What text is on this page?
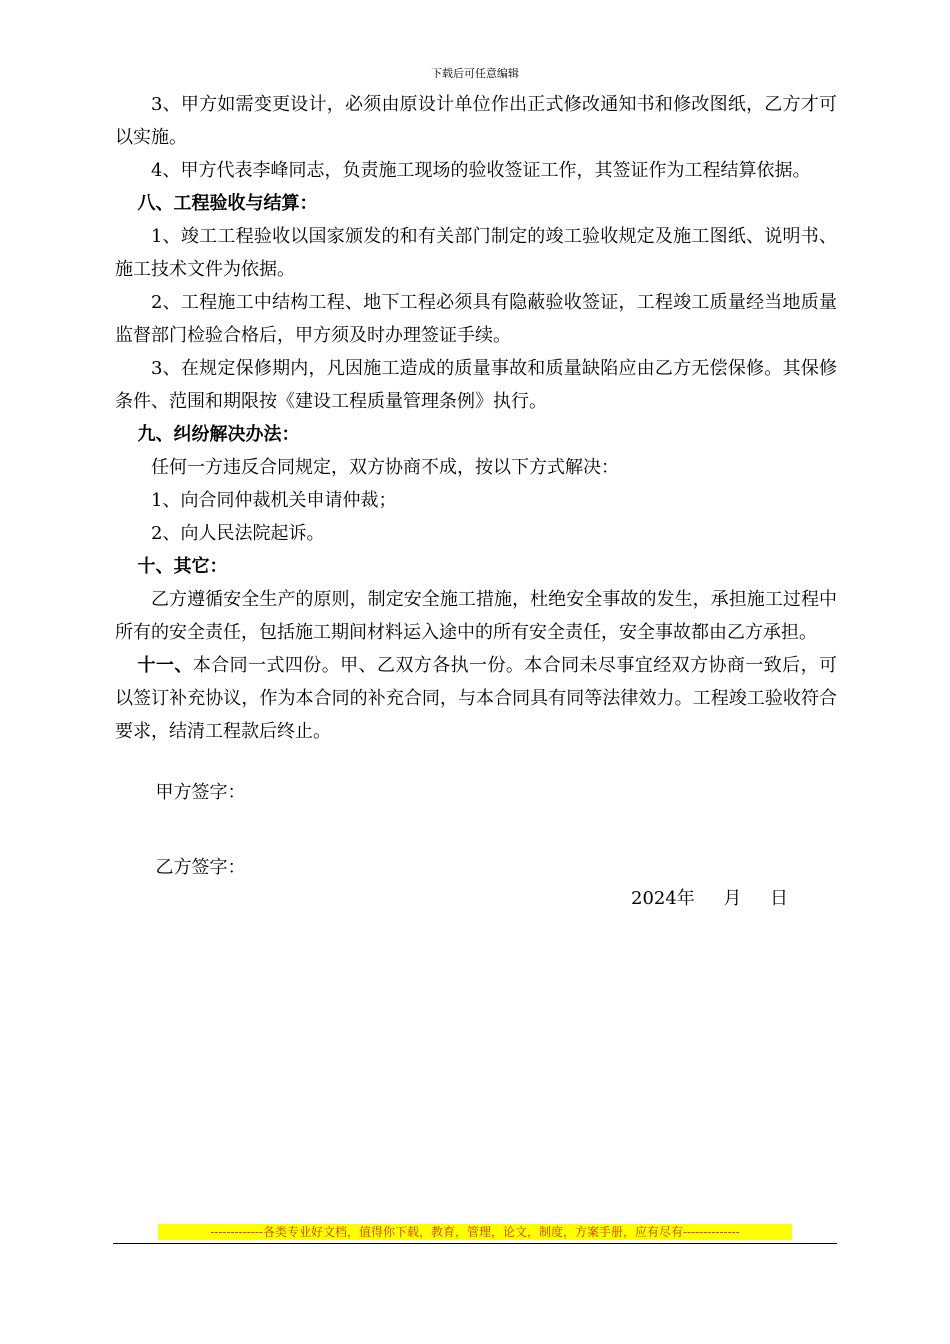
下载后可任意编辑

3、甲方如需变更设计，必须由原设计单位作出正式修改通知书和修改图纸，乙方才可以实施。

4、甲方代表李峰同志，负责施工现场的验收签证工作，其签证作为工程结算依据。

八、工程验收与结算：

1、竣工工程验收以国家颁发的和有关部门制定的竣工验收规定及施工图纸、说明书、施工技术文件为依据。

2、工程施工中结构工程、地下工程必须具有隐蔽验收签证，工程竣工质量经当地质量监督部门检验合格后，甲方须及时办理签证手续。

3、在规定保修期内，凡因施工造成的质量事故和质量缺陷应由乙方无偿保修。其保修条件、范围和期限按《建设工程质量管理条例》执行。

九、纠纷解决办法：

任何一方违反合同规定，双方协商不成，按以下方式解决：

1、向合同仲裁机关申请仲裁；

2、向人民法院起诉。

十、其它：

乙方遵循安全生产的原则，制定安全施工措施，杜绝安全事故的发生，承担施工过程中所有的安全责任，包括施工期间材料运入途中的所有安全责任，安全事故都由乙方承担。

十一、本合同一式四份。甲、乙双方各执一份。本合同未尽事宜经双方协商一致后，可以签订补充协议，作为本合同的补充合同，与本合同具有同等法律效力。工程竣工验收符合要求，结清工程款后终止。

甲方签字：

乙方签字：

2024年     月     日

-------------各类专业好文档，值得你下载，教育，管理，论文，制度，方案手册，应有尽有--------------
